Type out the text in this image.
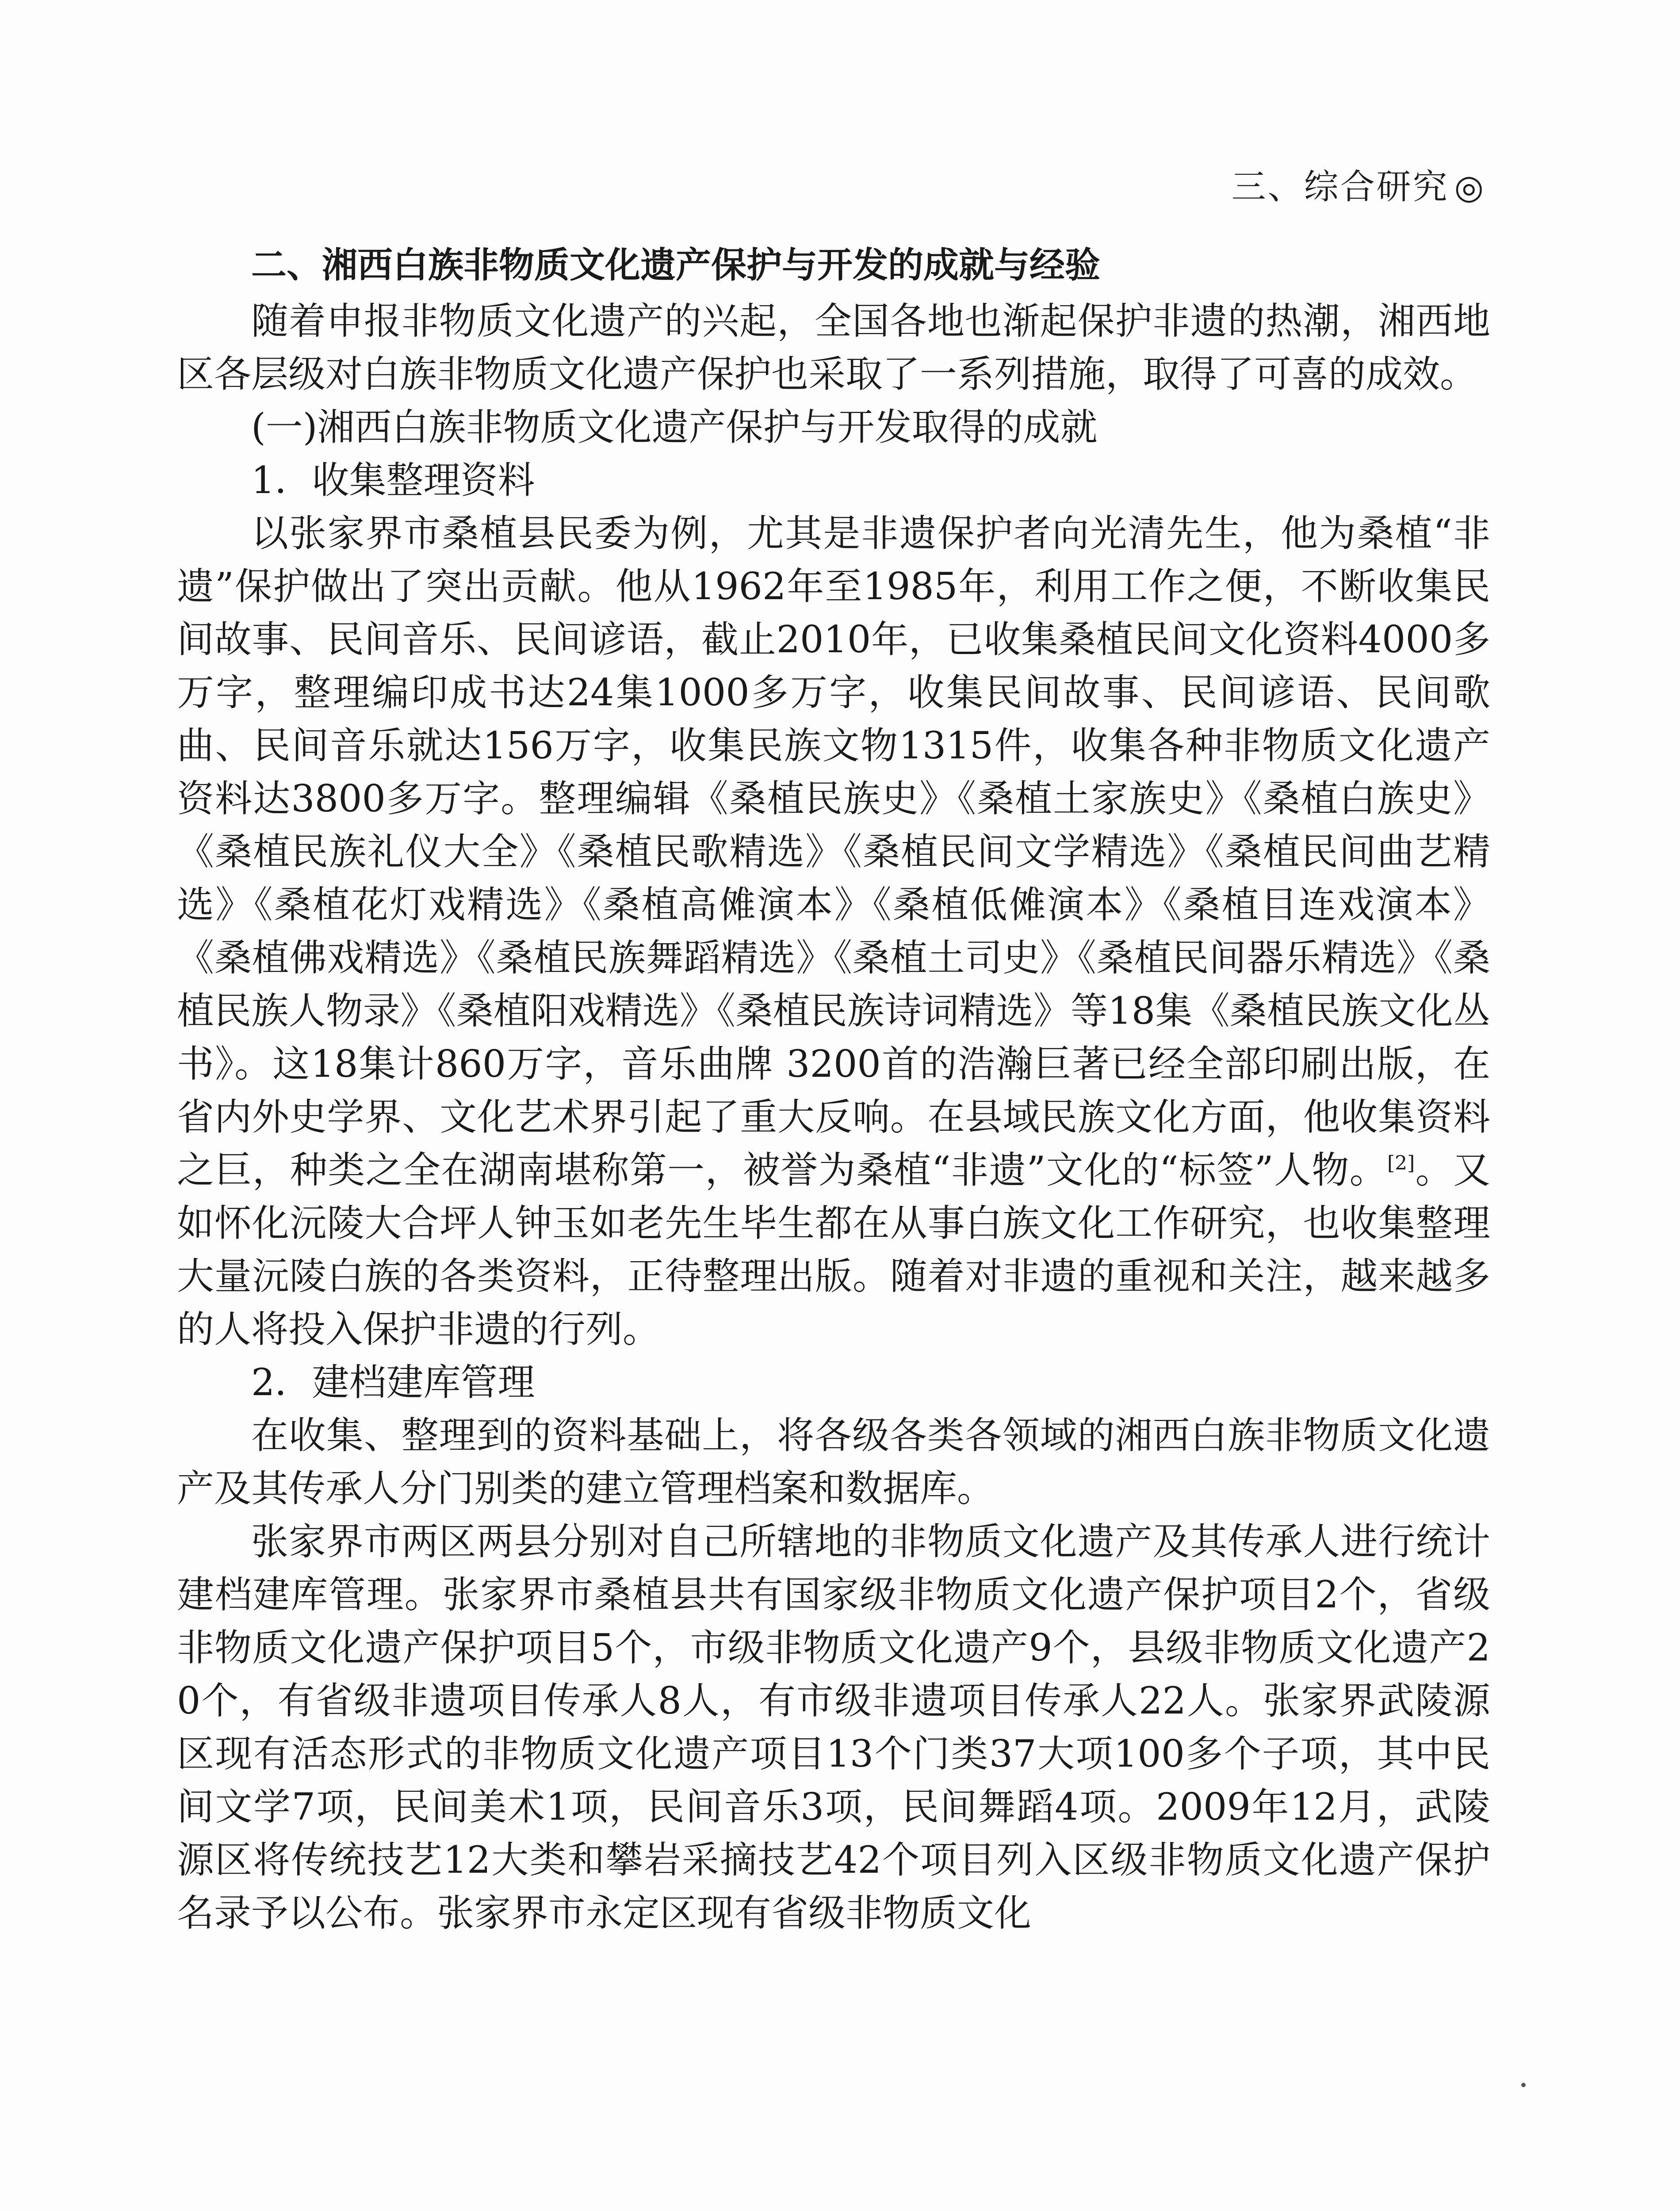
三、综合研究 ◎

二、湘西白族非物质文化遗产保护与开发的成就与经验

随着申报非物质文化遗产的兴起，全国各地也渐起保护非遗的热潮，湘西地区各层级对白族非物质文化遗产保护也采取了一系列措施，取得了可喜的成效。

(一)湘西白族非物质文化遗产保护与开发取得的成就

1．收集整理资料

以张家界市桑植县民委为例，尤其是非遗保护者向光清先生，他为桑植“非遗”保护做出了突出贡献。他从1962年至1985年，利用工作之便，不断收集民间故事、民间音乐、民间谚语，截止2010年，已收集桑植民间文化资料4000多万字，整理编印成书达24集1000多万字，收集民间故事、民间谚语、民间歌曲、民间音乐就达156万字，收集民族文物1315件，收集各种非物质文化遗产资料达3800多万字。整理编辑《桑植民族史》《桑植土家族史》《桑植白族史》《桑植民族礼仪大全》《桑植民歌精选》《桑植民间文学精选》《桑植民间曲艺精选》《桑植花灯戏精选》《桑植高傩演本》《桑植低傩演本》《桑植目连戏演本》《桑植佛戏精选》《桑植民族舞蹈精选》《桑植土司史》《桑植民间器乐精选》《桑植民族人物录》《桑植阳戏精选》《桑植民族诗词精选》等18集《桑植民族文化丛书》。这18集计860万字，音乐曲牌 3200首的浩瀚巨著已经全部印刷出版，在省内外史学界、文化艺术界引起了重大反响。在县域民族文化方面，他收集资料之巨，种类之全在湖南堪称第一，被誉为桑植“非遗”文化的“标签”人物。[2]。又如怀化沅陵大合坪人钟玉如老先生毕生都在从事白族文化工作研究，也收集整理大量沅陵白族的各类资料，正待整理出版。随着对非遗的重视和关注，越来越多的人将投入保护非遗的行列。

2．建档建库管理

在收集、整理到的资料基础上，将各级各类各领域的湘西白族非物质文化遗产及其传承人分门别类的建立管理档案和数据库。

张家界市两区两县分别对自己所辖地的非物质文化遗产及其传承人进行统计建档建库管理。张家界市桑植县共有国家级非物质文化遗产保护项目2个，省级非物质文化遗产保护项目5个，市级非物质文化遗产9个，县级非物质文化遗产20个，有省级非遗项目传承人8人，有市级非遗项目传承人22人。张家界武陵源区现有活态形式的非物质文化遗产项目13个门类37大项100多个子项，其中民间文学7项，民间美术1项，民间音乐3项，民间舞蹈4项。2009年12月，武陵源区将传统技艺12大类和攀岩采摘技艺42个项目列入区级非物质文化遗产保护名录予以公布。张家界市永定区现有省级非物质文化
